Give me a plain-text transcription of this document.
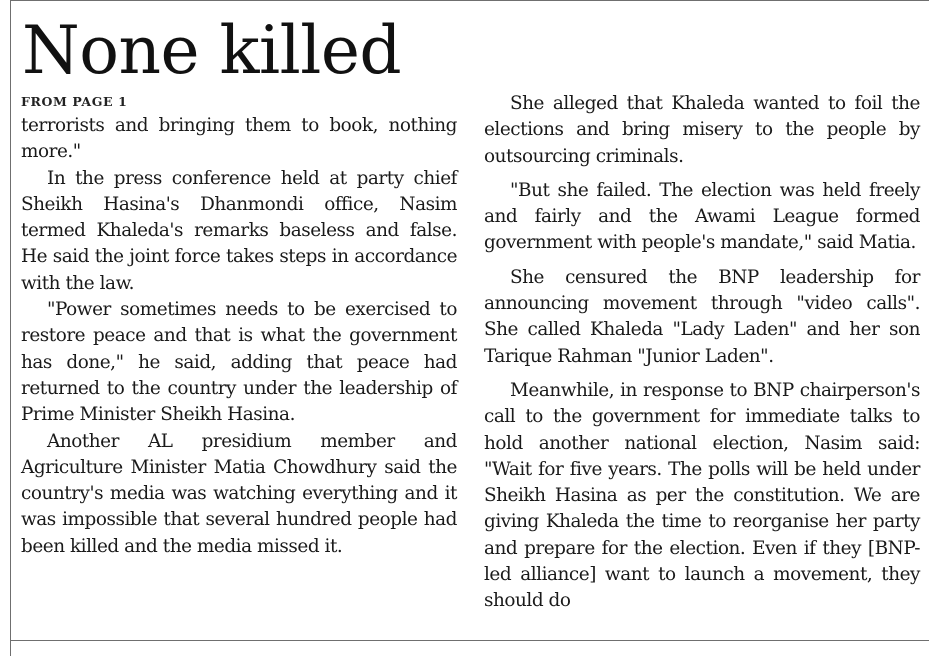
None killed
FROM PAGE 1

terrorists and bringing them to book, nothing more."

In the press conference held at party chief Sheikh Hasina's Dhanmondi office, Nasim termed Khaleda's remarks baseless and false. He said the joint force takes steps in accordance with the law.

"Power sometimes needs to be exercised to restore peace and that is what the government has done," he said, adding that peace had returned to the country under the leadership of Prime Minister Sheikh Hasina.

Another AL presidium member and Agriculture Minister Matia Chowdhury said the country's media was watching everything and it was impossible that several hundred people had been killed and the media missed it.

She alleged that Khaleda wanted to foil the elections and bring misery to the people by outsourcing criminals.

"But she failed. The election was held freely and fairly and the Awami League formed government with people's mandate," said Matia.

She censured the BNP leadership for announcing movement through "video calls". She called Khaleda "Lady Laden" and her son Tarique Rahman "Junior Laden".

Meanwhile, in response to BNP chairperson's call to the government for immediate talks to hold another national election, Nasim said: "Wait for five years. The polls will be held under Sheikh Hasina as per the constitution. We are giving Khaleda the time to reorganise her party and prepare for the election. Even if they [BNP-led alliance] want to launch a movement, they should do
